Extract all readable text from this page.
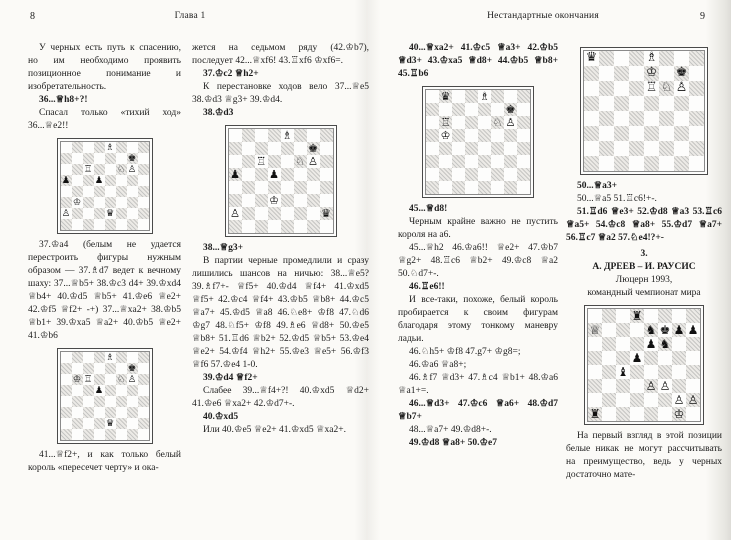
8	Глава 1	Нестандартные окончания	9

У черных есть путь к спасению, но им необходимо проявить позиционное понимание и изобретательность.

36...♕h8+?!

Спасал только «тихий ход» 36...♕e2!!

♗
♚
♖	♘ ♙
♟	♟
♔
♙	♛

37.♔a4 (белым не удается перестроить фигуры нужным образом — 37.♗d7 ведет к вечному шаху: 37...♕b5+ 38.♔c3 d4+ 39.♔xd4 ♕b4+ 40.♔d5 ♕b5+ 41.♔e6 ♕e2+ 42.♔f5 ♕f2+ -+) 37...♕xa2+ 38.♔b5 ♕b1+ 39.♔xa5 ♕a2+ 40.♔b5 ♕e2+ 41.♔b6

♗
♚
♔ ♖	♘ ♙
♟
♛

41...♕f2+, и как только белый король «пересечет черту» и ока-

жется на седьмом ряду (42.♔b7), последует 42...♕xf6! 43.♖xf6 ♔xf6=.

37.♔c2 ♕h2+

К перестановке ходов вело 37...♕e5 38.♔d3 ♕g3+ 39.♔d4.

38.♔d3

♗
♚
♖	♘ ♙
♟	♟
♔
♙	♛

38...♕g3+

В партии черные промедлили и сразу лишились шансов на ничью: 38...♕e5? 39.♗f7+- ♕f5+ 40.♔d4 ♕f4+ 41.♔xd5 ♕f5+ 42.♔c4 ♕f4+ 43.♔b5 ♕b8+ 44.♔c5 ♕a7+ 45.♔d5 ♕a8 46.♘e8+ ♔f8 47.♘d6 ♔g7 48.♘f5+ ♔f8 49.♗e6 ♕d8+ 50.♔e5 ♕b8+ 51.♖d6 ♕b2+ 52.♔d5 ♕b5+ 53.♔e4 ♕e2+ 54.♔f4 ♕h2+ 55.♔e3 ♕e5+ 56.♔f3 ♕f6 57.♔e4 1-0.

39.♔d4 ♕f2+

Слабее 39...♕f4+?! 40.♔xd5 ♕d2+ 41.♔e6 ♕xa2+ 42.♔d7+-.

40.♔xd5

Или 40.♔e5 ♕e2+ 41.♔xd5 ♕xa2+.

40...♕xa2+ 41.♔c5 ♕a3+ 42.♔b5 ♕d3+ 43.♔xa5 ♕d8+ 44.♔b5 ♕b8+ 45.♖b6

♛	♗
♚
♖	♘ ♙
♔

45...♕d8!

Черным крайне важно не пустить короля на a6.

45...♕h2 46.♔a6!! ♕e2+ 47.♔b7 ♕g2+ 48.♖c6 ♕b2+ 49.♔c8 ♕a2 50.♘d7+-.

46.♖e6!!

И все-таки, похоже, белый король пробирается к своим фигурам благодаря этому тонкому маневру ладьи.

46.♘h5+ ♔f8 47.g7+ ♔g8=;

46.♔a6 ♕a8+;

46.♗f7 ♕d3+ 47.♗c4 ♕b1+ 48.♔a6 ♕a1+=.

46...♕d3+ 47.♔c6 ♕a6+ 48.♔d7 ♕b7+

48...♕a7+ 49.♔d8+-.

49.♔d8 ♕a8+ 50.♔e7

♛	♗
♔ ♚
♖ ♘ ♙

50...♕a3+

50...♕a5 51.♖c6!+-.

51.♖d6 ♕e3+ 52.♔d8 ♕a3 53.♖c6 ♕a5+ 54.♔c8 ♕a8+ 55.♔d7 ♕a7+ 56.♖c7 ♕a2 57.♘e4!?+-

3.

А. ДРЕЕВ – И. РАУСИС

Люцерн 1993,

командный чемпионат мира

♜
♕	♞ ♚ ♟ ♟
♟ ♞
♟
♝
♙ ♙
♙ ♙
♜	♔

На первый взгляд в этой позиции белые никак не могут рассчитывать на преимущество, ведь у черных достаточно мате-
